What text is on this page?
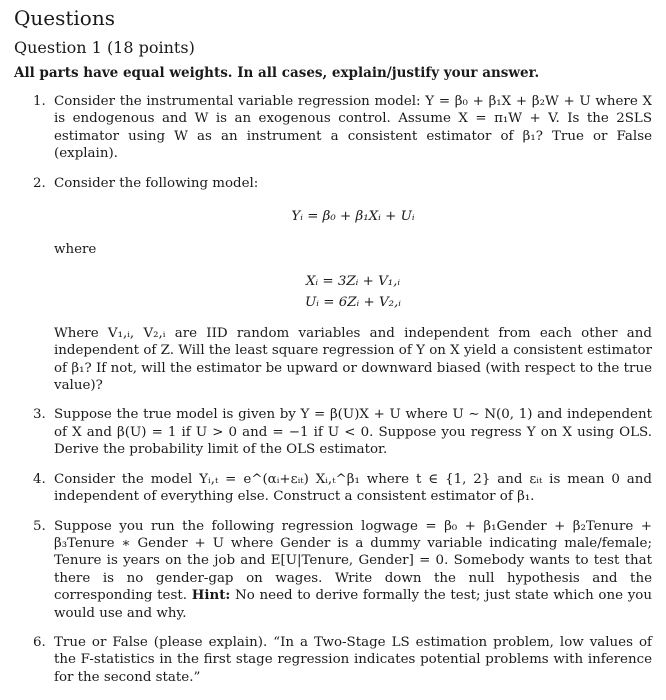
Questions
Question 1 (18 points)

All parts have equal weights. In all cases, explain/justify your answer.

1. Consider the instrumental variable regression model: Y = β₀ + β₁X + β₂W + U where X is endogenous and W is an exogenous control. Assume X = π₁W + V. Is the 2SLS estimator using W as an instrument a consistent estimator of β₁? True or False (explain).
2. Consider the following model:
Yᵢ = β₀ + β₁Xᵢ + Uᵢ
where
Xᵢ = 3Zᵢ + V₁,ᵢ
Uᵢ = 6Zᵢ + V₂,ᵢ
Where V₁,ᵢ, V₂,ᵢ are IID random variables and independent from each other and independent of Z. Will the least square regression of Y on X yield a consistent estimator of β₁? If not, will the estimator be upward or downward biased (with respect to the true value)?
3. Suppose the true model is given by Y = β(U)X + U where U ∼ N(0, 1) and independent of X and β(U) = 1 if U > 0 and = −1 if U < 0. Suppose you regress Y on X using OLS. Derive the probability limit of the OLS estimator.
4. Consider the model Yᵢ,ₜ = e^(αᵢ+εᵢₜ) Xᵢ,ₜ^β₁ where t ∈ {1, 2} and εᵢₜ is mean 0 and independent of everything else. Construct a consistent estimator of β₁.
5. Suppose you run the following regression logwage = β₀ + β₁Gender + β₂Tenure + β₃Tenure ∗ Gender + U where Gender is a dummy variable indicating male/female; Tenure is years on the job and E[U|Tenure, Gender] = 0. Somebody wants to test that there is no gender-gap on wages. Write down the null hypothesis and the corresponding test. Hint: No need to derive formally the test; just state which one you would use and why.
6. True or False (please explain). “In a Two-Stage LS estimation problem, low values of the F-statistics in the first stage regression indicates potential problems with inference for the second state.”
